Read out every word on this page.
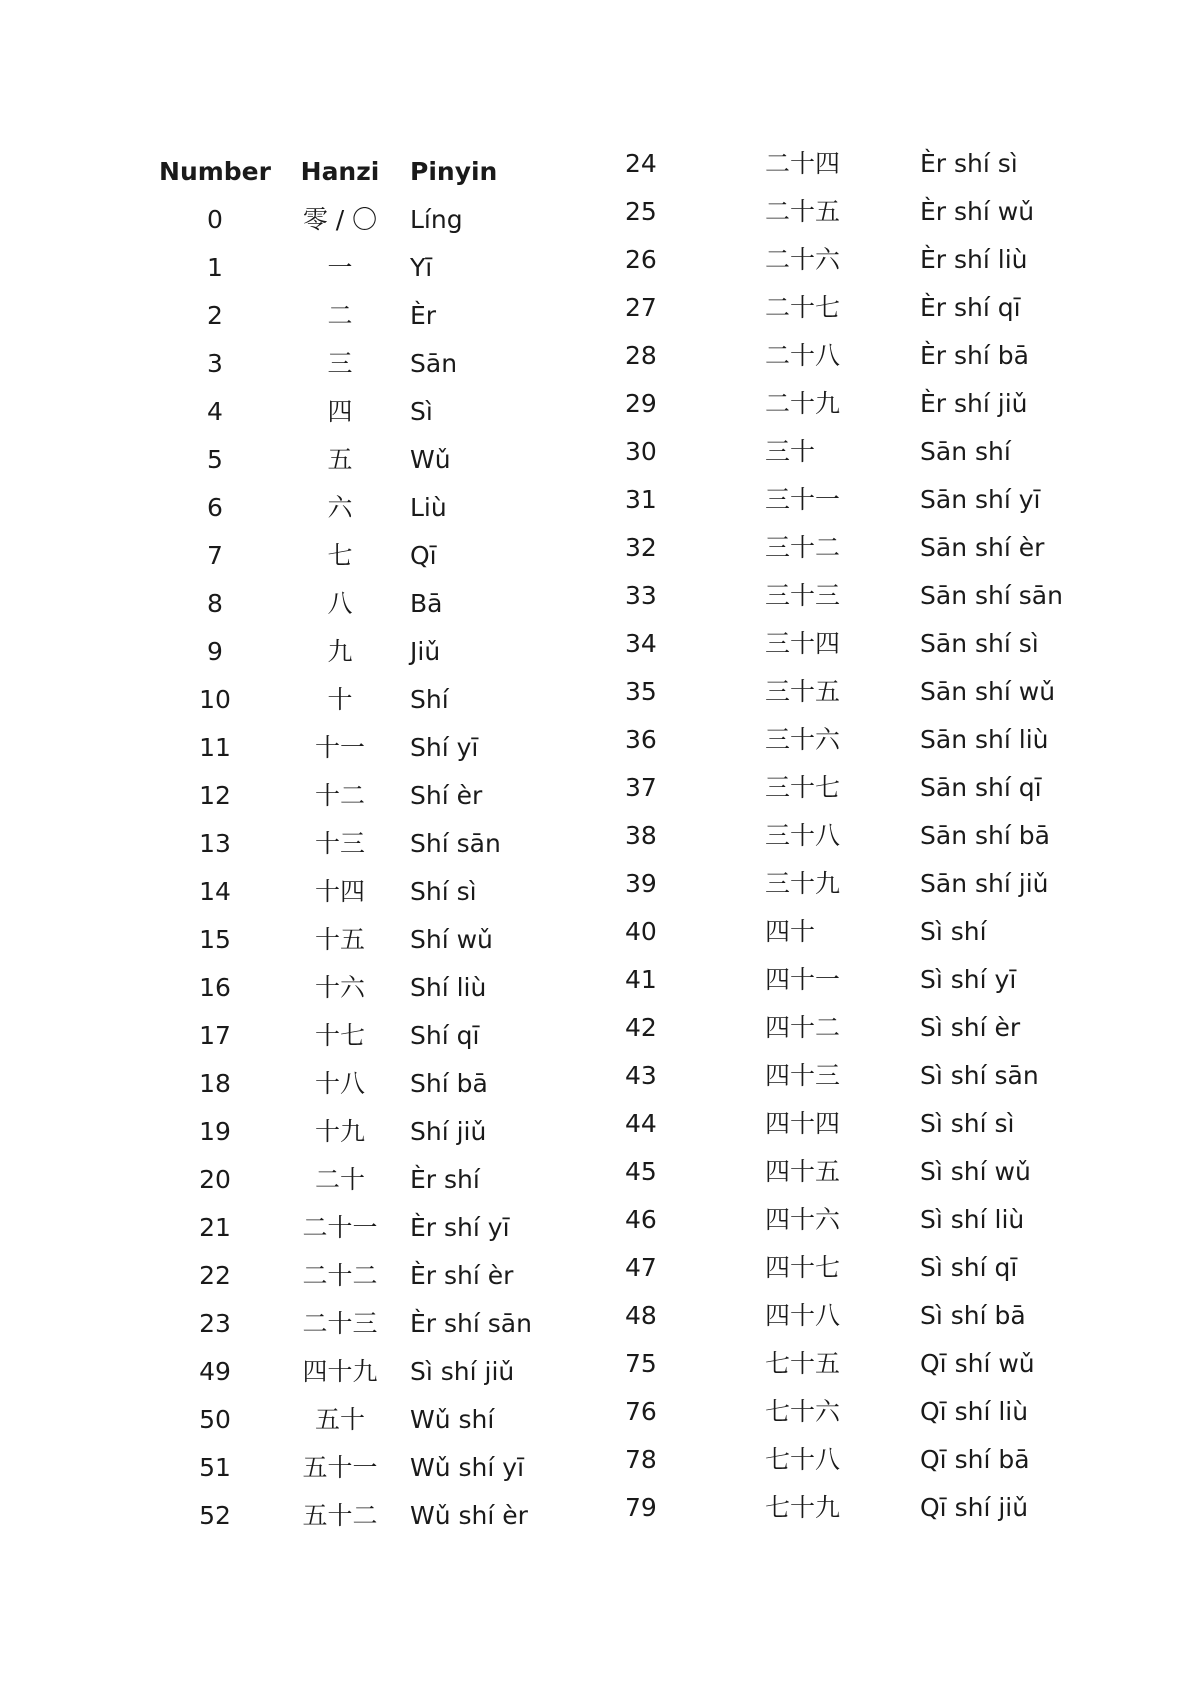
Number	Hanzi	Pinyin
0	零 / 〇	Líng
1	一	Yī
2	二	Èr
3	三	Sān
4	四	Sì
5	五	Wǔ
6	六	Liù
7	七	Qī
8	八	Bā
9	九	Jiǔ
10	十	Shí
11	十一	Shí yī
12	十二	Shí èr
13	十三	Shí sān
14	十四	Shí sì
15	十五	Shí wǔ
16	十六	Shí liù
17	十七	Shí qī
18	十八	Shí bā
19	十九	Shí jiǔ
20	二十	Èr shí
21	二十一	Èr shí yī
22	二十二	Èr shí èr
23	二十三	Èr shí sān
49	四十九	Sì shí jiǔ
50	五十	Wǔ shí
51	五十一	Wǔ shí yī
52	五十二	Wǔ shí èr
24	二十四	Èr shí sì
25	二十五	Èr shí wǔ
26	二十六	Èr shí liù
27	二十七	Èr shí qī
28	二十八	Èr shí bā
29	二十九	Èr shí jiǔ
30	三十	Sān shí
31	三十一	Sān shí yī
32	三十二	Sān shí èr
33	三十三	Sān shí sān
34	三十四	Sān shí sì
35	三十五	Sān shí wǔ
36	三十六	Sān shí liù
37	三十七	Sān shí qī
38	三十八	Sān shí bā
39	三十九	Sān shí jiǔ
40	四十	Sì shí
41	四十一	Sì shí yī
42	四十二	Sì shí èr
43	四十三	Sì shí sān
44	四十四	Sì shí sì
45	四十五	Sì shí wǔ
46	四十六	Sì shí liù
47	四十七	Sì shí qī
48	四十八	Sì shí bā
75	七十五	Qī shí wǔ
76	七十六	Qī shí liù
78	七十八	Qī shí bā
79	七十九	Qī shí jiǔ
